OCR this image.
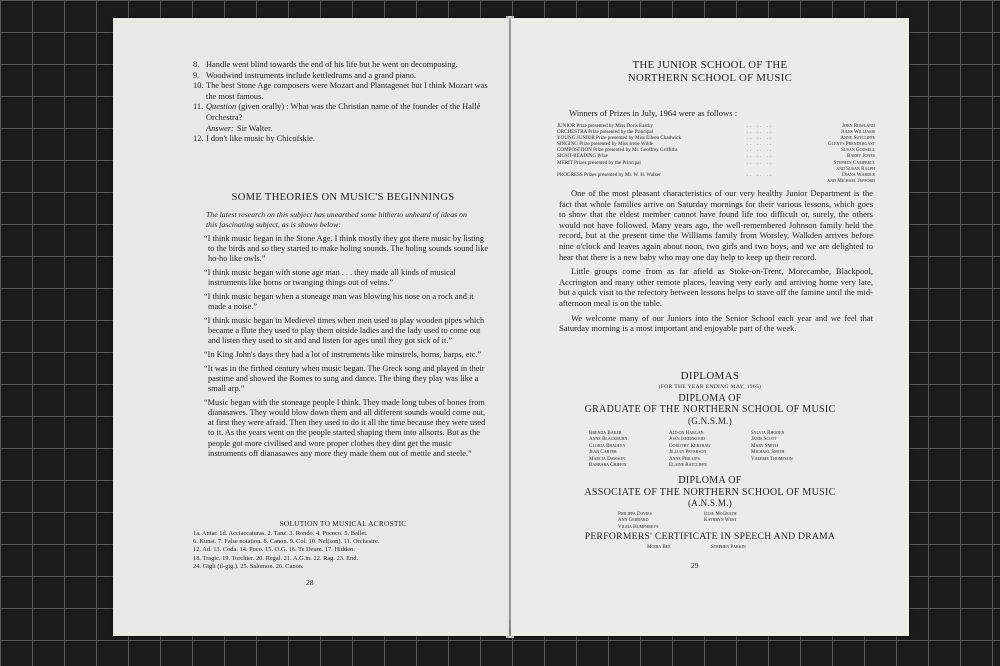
8. Handle went blind towards the end of his life but he went on decomposing.
9. Woodwind instruments include kettledrums and a grand piano.
10. The best Stone Age composers were Mozart and Plantagenet but I think Mozart was the most famous.
11. Question (given orally) : What was the Christian name of the founder of the Hallé Orchestra?
Answer: Sir Walter.
12. I don't like music by Chicofskie.
SOME THEORIES ON MUSIC'S BEGINNINGS
The latest research on this subject has unearthed some hitherto unheard of ideas on this fascinating subject, as is shown below:

“I think music began in the Stone Age. I think mostly they got there music by listing to the birds and so they started to make holing sounds. The holing sounds sound like ho-ho like owls.”

“I think music began with stone age man . . . they made all kinds of musical instruments like horns or twanging things out of veins.”

“I think music began when a stoneage man was blowing his nose on a rock and it made a noise.”

“I think music began in Medievel times when men used to play wooden pipes which became a flute they used to play them oitside ladies and the lady used to come out and listen they used to sit and and listen for ages until they got sick of it.”

“In King John's days they had a lot of instruments like minstrels, horns, barps, etc.”

“It was in the firthed century when music began. The Greck song and played in their pastime and showed the Romes to sung and dance. The thing they play was like a small arp.”

“Music began with the stoneage people I think. They made long tubes of bones from dianasawes. They would blow down them and all different sounds would come out, at first they were afraid. Then they used to do it all the time because they were used to it. As the years went on the people started shaping them into allsorts. But as the people got more civilised and wore proper clothes they dint get the music instruments off dianasawes any more they made them out of mettle and steele.”

SOLUTION TO MUSICAL ACROSTIC
1a. Antar. 1d. Acciaccaturas. 2. Tanz. 3. Rondo. 4. Pococo. 5. Ballet.
6. Kunst. 7. False notation. 8. Canon. 9. Col. 10. Nel(son). 11. Orchestre.
12. Ad. 13. Coda. 14. Poco. 15. O.G. 16. Te Deum. 17. Hidden.
18. Tragic. 19. Torchier. 20. Regal. 21. A.G.in. 22. Rag. 23. End.
24. Gigli (il-gig.). 25. Salomon. 26. Canon.
28
THE JUNIOR SCHOOL OF THE
NORTHERN SCHOOL OF MUSIC
Winners of Prizes in July, 1964 were as follows :
JUNIOR Prize presented by Miss Doris Eastby	.. .. ..	John Rowland
ORCHESTRA Prize presented by the Principal	.. .. ..	Jules Williams
YOUNG JUNIOR Prize presented by Miss Eileen Chadwick	.. .. ..	Anne Sutcliffe
SINGING Prize presented by Miss Irene Wilde	.. .. ..	Glenys Prendergast
COMPOSITION Prize presented by Mr. Geoffrey Griffiths	.. .. ..	Susan Godsell
SIGHT-READING Prize	.. .. ..	Barry Jones
MERIT Prizes presented by the Principal	.. .. ..	Stephen Campbell
and Susan Ralph
PROGRESS Prizes presented by Mr. W. H. Walker	.. .. ..	Diana Wardle
and Michael Jepford

One of the most pleasant characteristics of our very healthy Junior Department is the fact that whole families arrive on Saturday mornings for their various lessons, which goes to show that the eldest member cannot have found life too difficult or, surely, the others would not have followed. Many years ago, the well-remembered Johnson family held the record, but at the present time the Williams family from Worsley, Walkden arrives before nine o'clock and leaves again about noon, two girls and two boys, and we are delighted to hear that there is a new baby who may one day help to keep up their record.

Little groups come from as far afield as Stoke-on-Trent, Morecambe, Blackpool, Accrington and many other remote places, leaving very early and arriving home very late, but a quick visit to the refectory between lessons helps to stave off the famine until the mid-afternoon meal is on the table.

We welcome many of our Juniors into the Senior School each year and we feel that Saturday morning is a most important and enjoyable part of the week.

DIPLOMAS
(FOR THE YEAR ENDING MAY, 1965)
DIPLOMA OF
GRADUATE OF THE NORTHERN SCHOOL OF MUSIC
(G.N.S.M.)
Brenda Baker
Anne Blackburn
Gloria Bradley
Jean Carter
Marcia Dawson
Barbara Griffin
Alison Hargan
Joan Isherwood
Dorothy Kershaw
Jillian Peterson
Anne Phillips
Elaine Ratcliffe
Sylvia Rhoden
Janis Scott
Mary Smith
Michael Smith
Valerie Thompson
DIPLOMA OF
ASSOCIATE OF THE NORTHERN SCHOOL OF MUSIC
(A.N.S.M.)
Philippa Davies
Ann Gerrard
Vilma Humphreys
Ilise McGrath
Kathryn West
PERFORMERS' CERTIFICATE IN SPEECH AND DRAMA
Moira Bee	Stephen Parkin
29
